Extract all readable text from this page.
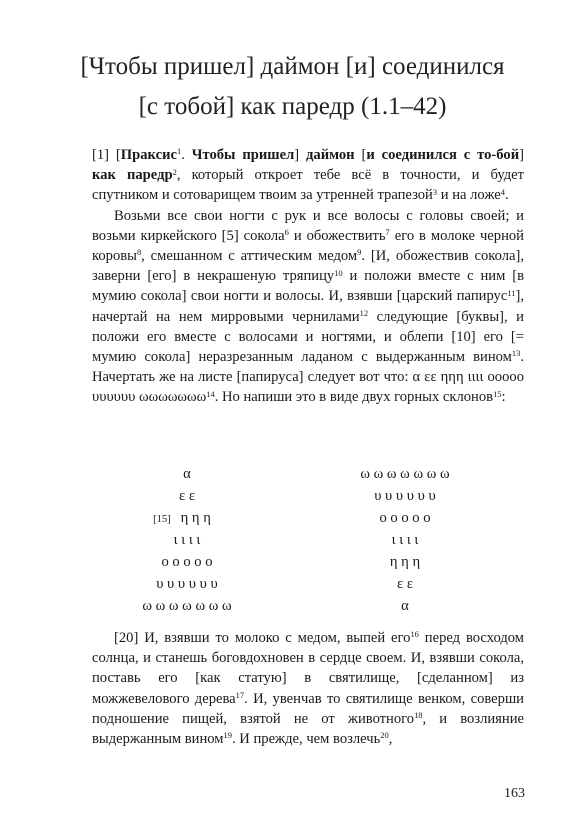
[Чтобы пришел] даймон [и] соединился
[с тобой] как паредр (1.1–42)

[1] [Праксис$^1$. Чтобы пришел] даймон [и соединился с то-бой] как паредр$^2$, который откроет тебе всё в точности, и будет спутником и сотоварищем твоим за утренней трапезой$^3$ и на ложе$^4$.

Возьми все свои ногти с рук и все волосы с головы своей; и возьми киркейского [5] сокола$^6$ и обожествить$^7$ его в молоке черной коровы$^8$, смешанном с аттическим медом$^9$. [И, обожествив сокола], заверни [его] в некрашеную тряпицу$^{10}$ и положи вместе с ним [в мумию сокола] свои ногти и волосы. И, взявши [царский папирус$^{11}$], начертай на нем мирровыми чернилами$^{12}$ следующие [буквы], и положи его вместе с волосами и ногтями, и облепи [10] его [= мумию сокола] неразрезанным ладаном с выдержанным вином$^{13}$. Начертать же на листе [папируса] следует вот что: α εε ηηη ιιιι οοοοο υυυυυυ ωωωωωωω$^{14}$. Но напиши это в виде двух горных склонов$^{15}$:

α
ε ε
[15] η η η
ι ι ι ι
ο ο ο ο ο
υ υ υ υ υ υ
ω ω ω ω ω ω ω
ω ω ω ω ω ω ω
υ υ υ υ υ υ
ο ο ο ο ο
ι ι ι ι
η η η
ε ε
α

[20] И, взявши то молоко с медом, выпей его$^{16}$ перед восходом солнца, и станешь боговдохновен в сердце своем. И, взявши сокола, поставь его [как статую] в святилище, [сделанном] из можжевелового дерева$^{17}$. И, увенчав то святилище венком, соверши подношение пищей, взятой не от животного$^{18}$, и возлияние выдержанным вином$^{19}$. И прежде, чем возлечь$^{20}$,

163
